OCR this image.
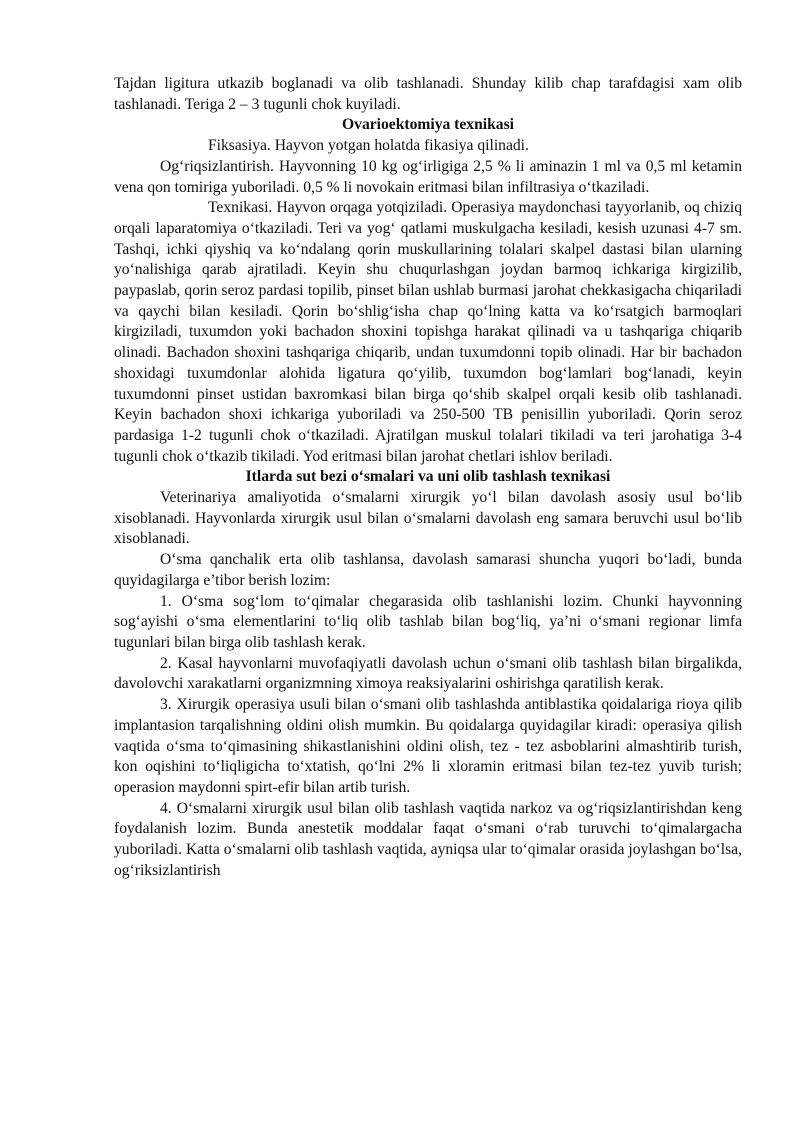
Tajdan ligitura utkazib boglanadi va olib tashlanadi. Shunday kilib chap tarafdagisi xam olib tashlanadi. Teriga 2 – 3 tugunli chok kuyiladi.

Ovarioektomiya texnikasi

Fiksasiya. Hayvon yotgan holatda fikasiya qilinadi.

Og‘riqsizlantirish. Hayvonning 10 kg og‘irligiga 2,5 % li aminazin 1 ml va 0,5 ml ketamin vena qon tomiriga yuboriladi. 0,5 % li novokain eritmasi bilan infiltrasiya o‘tkaziladi.

Texnikasi. Hayvon orqaga yotqiziladi. Operasiya maydonchasi tayyorlanib, oq chiziq orqali laparatomiya o‘tkaziladi. Teri va yog‘ qatlami muskulgacha kesiladi, kesish uzunasi 4-7 sm. Tashqi, ichki qiyshiq va ko‘ndalang qorin muskullarining tolalari skalpel dastasi bilan ularning yo‘nalishiga qarab ajratiladi. Keyin shu chuqurlashgan joydan barmoq ichkariga kirgizilib, paypaslab, qorin seroz pardasi topilib, pinset bilan ushlab burmasi jarohat chekkasigacha chiqariladi va qaychi bilan kesiladi. Qorin bo‘shlig‘isha chap qo‘lning katta va ko‘rsatgich barmoqlari kirgiziladi, tuxumdon yoki bachadon shoxini topishga harakat qilinadi va u tashqariga chiqarib olinadi. Bachadon shoxini tashqariga chiqarib, undan tuxumdonni topib olinadi. Har bir bachadon shoxidagi tuxumdonlar alohida ligatura qo‘yilib, tuxumdon bog‘lamlari bog‘lanadi, keyin tuxumdonni pinset ustidan baxromkasi bilan birga qo‘shib skalpel orqali kesib olib tashlanadi. Keyin bachadon shoxi ichkariga yuboriladi va 250-500 TB penisillin yuboriladi. Qorin seroz pardasiga 1-2 tugunli chok o‘tkaziladi. Ajratilgan muskul tolalari tikiladi va teri jarohatiga 3-4 tugunli chok o‘tkazib tikiladi. Yod eritmasi bilan jarohat chetlari ishlov beriladi.

Itlarda sut bezi o‘smalari va uni olib tashlash texnikasi

Veterinariya amaliyotida o‘smalarni xirurgik yo‘l bilan davolash asosiy usul bo‘lib xisoblanadi. Hayvonlarda xirurgik usul bilan o‘smalarni davolash eng samara beruvchi usul bo‘lib xisoblanadi.

O‘sma qanchalik erta olib tashlansa, davolash samarasi shuncha yuqori bo‘ladi, bunda quyidagilarga e’tibor berish lozim:

1. O‘sma sog‘lom to‘qimalar chegarasida olib tashlanishi lozim. Chunki hayvonning sog‘ayishi o‘sma elementlarini to‘liq olib tashlab bilan bog‘liq, ya’ni o‘smani regionar limfa tugunlari bilan birga olib tashlash kerak.

2. Kasal hayvonlarni muvofaqiyatli davolash uchun o‘smani olib tashlash bilan birgalikda, davolovchi xarakatlarni organizmning ximoya reaksiyalarini oshirishga qaratilish kerak.

3. Xirurgik operasiya usuli bilan o‘smani olib tashlashda antiblastika qoidalariga rioya qilib implantasion tarqalishning oldini olish mumkin. Bu qoidalarga quyidagilar kiradi: operasiya qilish vaqtida o‘sma to‘qimasining shikastlanishini oldini olish, tez - tez asboblarini almashtirib turish, kon oqishini to‘liqligicha to‘xtatish, qo‘lni 2% li xloramin eritmasi bilan tez-tez yuvib turish; operasion maydonni spirt-efir bilan artib turish.

4. O‘smalarni xirurgik usul bilan olib tashlash vaqtida narkoz va og‘riqsizlantirishdan keng foydalanish lozim. Bunda anestetik moddalar faqat o‘smani o‘rab turuvchi to‘qimalargacha yuboriladi. Katta o‘smalarni olib tashlash vaqtida, ayniqsa ular to‘qimalar orasida joylashgan bo‘lsa, og‘riksizlantirish
